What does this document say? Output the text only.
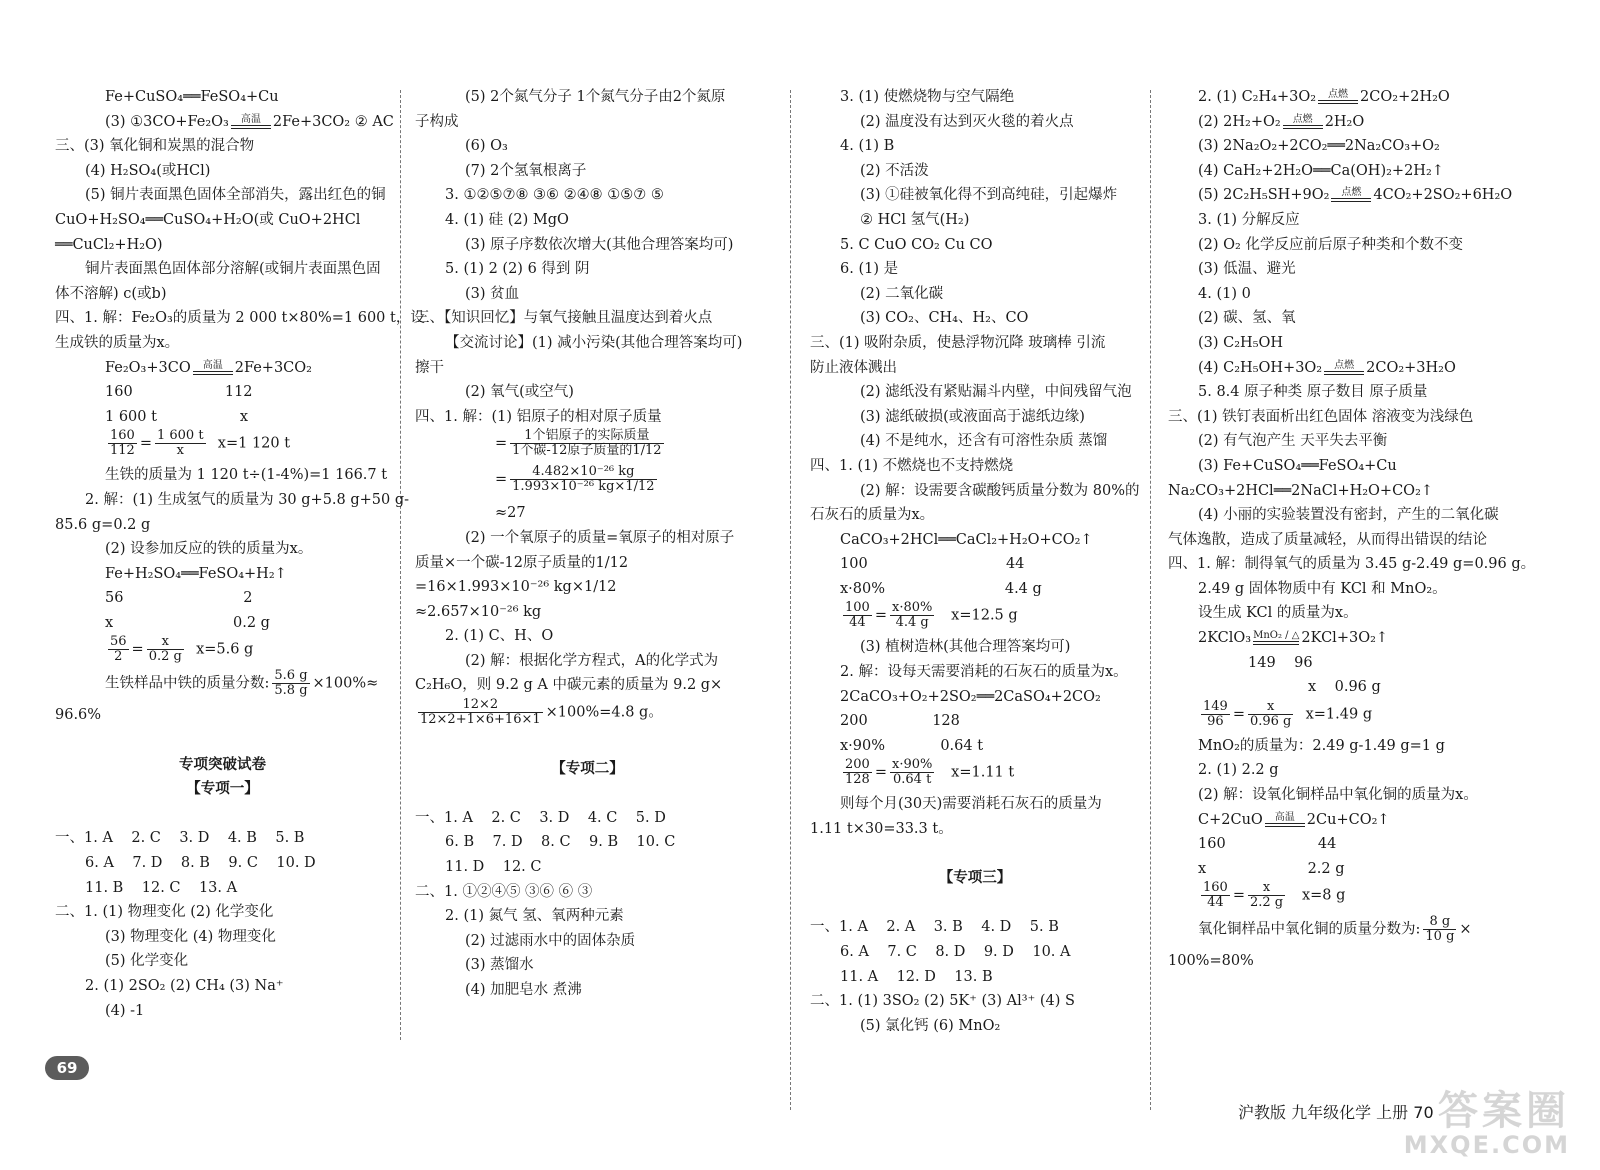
Fe+CuSO₄══FeSO₄+Cu
(3) ①3CO+Fe₂O₃	高温 2Fe+3CO₂ ② AC
三、(3) 氧化铜和炭黑的混合物
(4) H₂SO₄(或HCl)
(5) 铜片表面黑色固体全部消失，露出红色的铜
CuO+H₂SO₄══CuSO₄+H₂O(或 CuO+2HCl
══CuCl₂+H₂O)
铜片表面黑色固体部分溶解(或铜片表面黑色固
体不溶解) c(或b)
四、1. 解：Fe₂O₃的质量为 2 000 t×80%=1 600 t，设
生成铁的质量为x。
Fe₂O₃+3CO	高温 2Fe+3CO₂
160                    112
1 600 t                  x
$\frac{160}{112} = \frac{1 600 t}{x} x=1$ 120 t
生铁的质量为 1 120 t÷(1-4%)=1 166.7 t
2. 解：(1) 生成氢气的质量为 30 g+5.8 g+50 g-
85.6 g=0.2 g
(2) 设参加反应的铁的质量为x。
Fe+H₂SO₄══FeSO₄+H₂↑
56                          2
x                          0.2 g
$\frac{56}{2} = \frac{x}{0.2 g} x=5.6$ g
生铁样品中铁的质量分数: $\frac{5.6 g}{5.8 g} \times 100\%\approx$
96.6%
专项突破试卷
【专项一】
一、1. A    2. C    3. D    4. B    5. B
6. A    7. D    8. B    9. C    10. D
11. B    12. C    13. A
二、1. (1) 物理变化 (2) 化学变化
(3) 物理变化 (4) 物理变化
(5) 化学变化
2. (1) 2SO₂ (2) CH₄ (3) Na⁺
(4) -1
(5) 2个氮气分子 1个氮气分子由2个氮原
子构成
(6) O₃
(7) 2个氢氧根离子
3. ①②⑤⑦⑧ ③⑥ ②④⑧ ①⑤⑦ ⑤
4. (1) 硅 (2) MgO
(3) 原子序数依次增大(其他合理答案均可)
5. (1) 2 (2) 6 得到 阴
(3) 贫血
三、【知识回忆】与氧气接触且温度达到着火点
【交流讨论】(1) 减小污染(其他合理答案均可)
擦干
(2) 氧气(或空气)
四、1. 解：(1) 铝原子的相对原子质量
=	1个铝原子的实际质量
1个碳-12原子质量的1/12
= $\frac{\text{4.482×10⁻²⁶ kg}}{\text{1.993×10⁻²⁶ kg×1/12}}$
≈27
(2) 一个氧原子的质量=氧原子的相对原子
质量×一个碳-12原子质量的1/12
=16×1.993×10⁻²⁶ kg×1/12
≈2.657×10⁻²⁶ kg
2. (1) C、H、O
(2) 解：根据化学方程式，A的化学式为
C₂H₆O，则 9.2 g A 中碳元素的质量为 9.2 g×
$\frac{12\times 2}{12\times 2+1\times 6+16\times 1} \times 100\%=4.8$ g。
【专项二】
一、1. A    2. C    3. D    4. C    5. D
6. B    7. D    8. C    9. B    10. C
11. D    12. C
二、1. ①②④⑤ ③⑥ ⑥ ③
2. (1) 氮气 氢、氧两种元素
(2) 过滤雨水中的固体杂质
(3) 蒸馏水
(4) 加肥皂水 煮沸
3. (1) 使燃烧物与空气隔绝
(2) 温度没有达到灭火毯的着火点
4. (1) B
(2) 不活泼
(3) ①硅被氧化得不到高纯硅，引起爆炸
② HCl 氢气(H₂)
5. C CuO CO₂ Cu CO
6. (1) 是
(2) 二氧化碳
(3) CO₂、CH₄、H₂、CO
三、(1) 吸附杂质，使悬浮物沉降 玻璃棒 引流
防止液体溅出
(2) 滤纸没有紧贴漏斗内壁，中间残留气泡
(3) 滤纸破损(或液面高于滤纸边缘)
(4) 不是纯水，还含有可溶性杂质 蒸馏
四、1. (1) 不燃烧也不支持燃烧
(2) 解：设需要含碳酸钙质量分数为 80%的
石灰石的质量为x。
CaCO₃+2HCl══CaCl₂+H₂O+CO₂↑
100                              44
x·80%                          4.4 g
$\frac{100}{44} = \frac{x\cdot 80\%}{4.4 g} x=12.5$ g
(3) 植树造林(其他合理答案均可)
2. 解：设每天需要消耗的石灰石的质量为x。
2CaCO₃+O₂+2SO₂══2CaSO₄+2CO₂
200              128
x·90%            0.64 t
$\frac{200}{128} = \frac{x\cdot 90\%}{0.64 t} x=1.11$ t
则每个月(30天)需要消耗石灰石的质量为
1.11 t×30=33.3 t。
【专项三】
一、1. A    2. A    3. B    4. D    5. B
6. A    7. C    8. D    9. D    10. A
11. A    12. D    13. B
二、1. (1) 3SO₂ (2) 5K⁺ (3) Al³⁺ (4) S
(5) 氯化钙 (6) MnO₂
2. (1) C₂H₄+3O₂	点燃 2CO₂+2H₂O
(2) 2H₂+O₂	点燃 2H₂O
(3) 2Na₂O₂+2CO₂══2Na₂CO₃+O₂
(4) CaH₂+2H₂O══Ca(OH)₂+2H₂↑
(5) 2C₂H₅SH+9O₂	点燃 4CO₂+2SO₂+6H₂O
3. (1) 分解反应
(2) O₂ 化学反应前后原子种类和个数不变
(3) 低温、避光
4. (1) 0
(2) 碳、氢、氧
(3) C₂H₅OH
(4) C₂H₅OH+3O₂	点燃 2CO₂+3H₂O
5. 8.4 原子种类 原子数目 原子质量
三、(1) 铁钉表面析出红色固体 溶液变为浅绿色
(2) 有气泡产生 天平失去平衡
(3) Fe+CuSO₄══FeSO₄+Cu
Na₂CO₃+2HCl══2NaCl+H₂O+CO₂↑
(4) 小丽的实验装置没有密封，产生的二氧化碳
气体逸散，造成了质量减轻，从而得出错误的结论
四、1. 解：制得氧气的质量为 3.45 g-2.49 g=0.96 g。
2.49 g 固体物质中有 KCl 和 MnO₂。
设生成 KCl 的质量为x。
2KClO₃ MnO₂ / △ 2KCl+3O₂↑
149    96
x    0.96 g
$\frac{149}{96} = \frac{x}{0.96 g} x=1.49$ g
MnO₂的质量为：2.49 g-1.49 g=1 g
2. (1) 2.2 g
(2) 解：设氧化铜样品中氧化铜的质量为x。
C+2CuO	高温 2Cu+CO₂↑
160                    44
x                      2.2 g
$\frac{160}{44} = \frac{x}{2.2 g} x=8$ g
氧化铜样品中氧化铜的质量分数为: $\frac{8 g}{10 g}$ ×
100%=80%
69
沪教版 九年级化学 上册 70 答案圈
MXQE.COM
